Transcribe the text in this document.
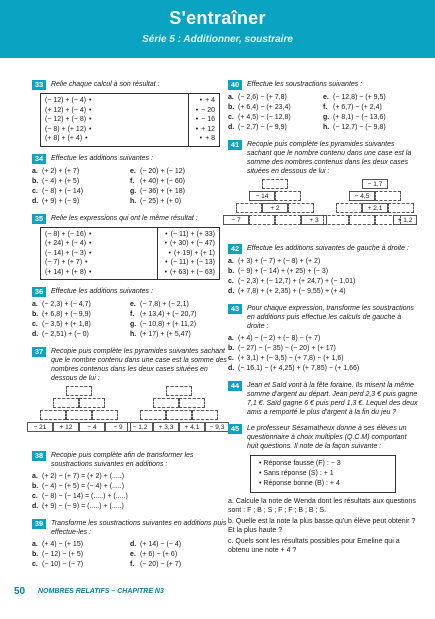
S'entraîner
Série 5 : Additionner, soustraire
33	Relie chaque calcul à son résultat :
(− 12) + (− 4) •
(+ 12) + (− 4) •
(− 12) + (− 8) •
(− 8) + (+ 12) •
(+ 8) + (+ 4) •
• + 4
• − 20
• − 16
• + 12
• + 8
34	Effectue les additions suivantes :
a. (+ 2) + (+ 7)	e. (− 20) + (− 12)
b. (− 4) + (+ 5)	f. (+ 40) + (− 60)
c. (− 8) + (− 14)	g. (− 36) + (+ 18)
d. (+ 9) + (− 9)	h. (− 25) + (+ 0)
35	Relie les expressions qui ont le même résultat :
(− 8) + (− 16) •
(+ 24) + (− 4) •
(− 14) + (− 3) •
(− 7) + (+ 7) •
(+ 14) + (+ 8) •
• (− 11) + (+ 33)
• (+ 30) + (− 47)
• (+ 19) + (+ 1)
• (− 11) + (− 13)
• (+ 63) + (− 63)
36	Effectue les additions suivantes :
a. (− 2,3) + (− 4,7)	e. (− 7,8) + (− 2,1)
b. (+ 6,8) + (− 9,9)	f. (+ 13,4) + (− 20,7)
c. (− 3,5) + (+ 1,8)	g. (− 10,8) + (+ 11,2)
d. (− 2,51) + (− 0)	h. (+ 17) + (+ 5,47)
37	Recopie puis complète les pyramides suivantes sachant que le nombre contenu dans une case est la somme des nombres contenus dans les deux cases situées en dessous de lui :
− 21	+ 12	− 4	− 9	− 1,2	+ 3,3	+ 4,1	− 9,3
38	Recopie puis complète afin de transformer les soustractions suivantes en additions :
a. (+ 2) − (+ 7) = (+ 2) + (.....)
b. (− 4) − (+ 5) = (− 4) + (.....)
c. (− 8) − (− 14) = (.....) + (.....)
d. (+ 9) − (− 9) = (.....) + (.....)
39	Transforme les soustractions suivantes en additions puis effectue-les :
a. (+ 4) − (+ 15)	d. (+ 14) − (− 4)
b. (− 12) − (+ 5)	e. (+ 6) − (+ 6)
c. (− 10) − (− 7)	f. (− 20) − (+ 7)
40	Effectue les soustractions suivantes :
a. (− 2,6) − (+ 7,8)	e. (− 12,8) − (+ 9,5)
b. (+ 6,4) − (+ 23,4)	f. (+ 6,7) − (+ 2,4)
c. (+ 4,5) − (− 12,8)	g. (+ 8,1) − (− 13,6)
d. (− 2,7) − (− 9,9)	h. (− 12,7) − (− 9,8)
41	Recopie puis complète les pyramides suivantes sachant que le nombre contenu dans une case est la somme des nombres contenus dans les deux cases situées en dessous de lui :
− 14
+ 2
− 7	+ 3
− 1,7
− 4,5
+ 2,1
+ 1,2
42	Effectue les additions suivantes de gauche à droite :
a. (+ 3) + (− 7) + (− 8) + (+ 2)
b. (− 9) + (− 14) + (+ 25) + (− 3)
c. (− 2,3) + (− 12,7) + (+ 24,7) + (− 1,01)
d. (+ 7,8) + (+ 2,35) + (− 9,55) + (+ 4)
43	Pour chaque expression, transforme les soustractions en additions puis effectue les calculs de gauche à droite :
a. (+ 4) − (− 2) + (− 8) − (+ 7)
b. (− 27) − (− 35) − (− 20) + (+ 17)
c. (+ 3,1) + (− 3,5) − (+ 7,8) − (+ 1,6)
d. (− 16,1) − (+ 4,25) + (+ 7,85) − (+ 1,66)
44	Jean et Saïd vont à la fête foraine. Ils misent la même somme d'argent au départ. Jean perd 2,3 € puis gagne 7,1 €. Saïd gagne 6 € puis perd 1,3 €. Lequel des deux amis a remporté le plus d'argent à la fin du jeu ?
45	Le professeur Sésamatheux donne à ses élèves un questionnaire à choix multiples (Q.C.M) comportant huit questions. Il note de la façon suivante :
• Réponse fausse (F) : − 3
• Sans réponse (S) : + 1
• Réponse bonne (B) : + 4
a. Calcule la note de Wenda dont les résultats aux questions sont : F ; B ; S ; F ; F ; B ; B ; S.
b. Quelle est la note la plus basse qu'un élève peut obtenir ? Et la plus haute ?
c. Quels sont les résultats possibles pour Emeline qui a obtenu une note + 4 ?
50 NOMBRES RELATIFS – CHAPITRE N3
